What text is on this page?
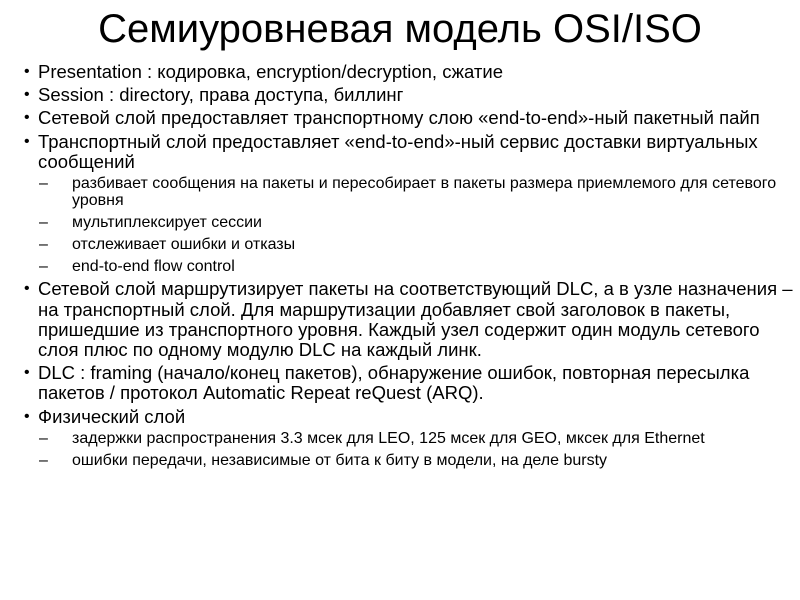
Семиуровневая модель OSI/ISO
• Presentation : кодировка, encryption/decryption, сжатие
• Session : directory, права доступа, биллинг
• Сетевой слой предоставляет транспортному слою «end-to-end»-ный пакетный пайп
• Транспортный слой предоставляет «end-to-end»-ный сервис доставки виртуальных сообщений
– разбивает сообщения на пакеты и пересобирает в пакеты размера приемлемого для сетевого уровня
– мультиплексирует сессии
– отслеживает ошибки и отказы
– end-to-end flow control
• Сетевой слой маршрутизирует пакеты на соответствующий DLC, а в узле назначения – на транспортный слой. Для маршрутизации добавляет свой заголовок в пакеты, пришедшие из транспортного уровня. Каждый узел содержит один модуль сетевого слоя плюс по одному модулю DLC на каждый линк.
• DLC : framing (начало/конец пакетов), обнаружение ошибок, повторная пересылка пакетов / протокол Automatic Repeat reQuest (ARQ).
• Физический слой
– задержки распространения 3.3 мсек для LEO, 125 мсек для GEO, мксек для Ethernet
– ошибки передачи, независимые от бита к биту в модели, на деле bursty
